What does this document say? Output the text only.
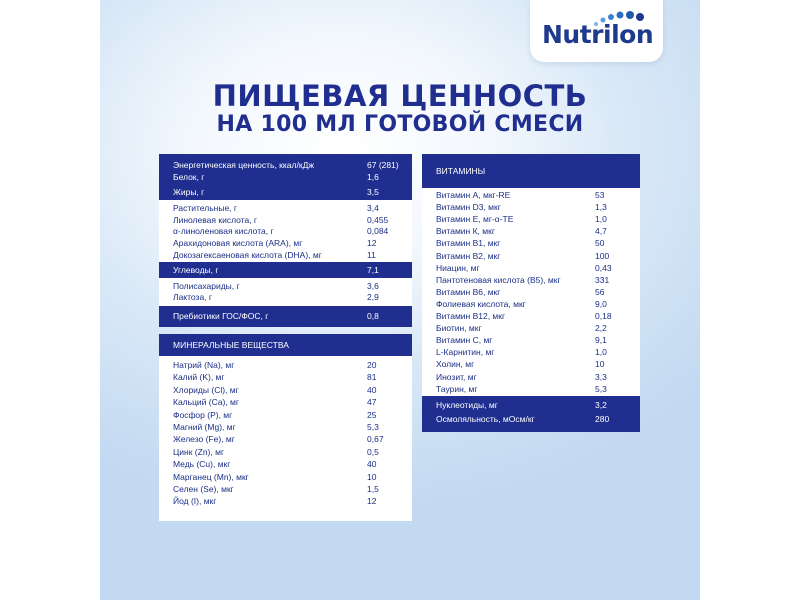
Nutrilon
ПИЩЕВАЯ ЦЕННОСТЬ
НА 100 МЛ ГОТОВОЙ СМЕСИ
Энергетическая ценность, ккал/кДж	67 (281)
Белок, г	1,6
Жиры, г	3,5
Растительные, г	3,4
Линолевая кислота, г	0,455
α-линоленовая кислота, г	0,084
Арахидоновая кислота (ARA), мг	12
Докозагексаеновая кислота (DHA), мг	11
Углеводы, г	7,1
Полисахариды, г	3,6
Лактоза, г	2,9
Пребиотики ГОС/ФОС, г	0,8
МИНЕРАЛЬНЫЕ ВЕЩЕСТВА
Натрий (Na), мг	20
Калий (K), мг	81
Хлориды (Cl), мг	40
Кальций (Ca), мг	47
Фосфор (P), мг	25
Магний (Mg), мг	5,3
Железо (Fe), мг	0,67
Цинк (Zn), мг	0,5
Медь (Cu), мкг	40
Марганец (Mn), мкг	10
Селен (Se), мкг	1,5
Йод (I), мкг	12
ВИТАМИНЫ
Витамин А, мкг-RE	53
Витамин D3, мкг	1,3
Витамин Е, мг-α-ТЕ	1,0
Витамин К, мкг	4,7
Витамин В1, мкг	50
Витамин В2, мкг	100
Ниацин, мг	0,43
Пантотеновая кислота (В5), мкг	331
Витамин В6, мкг	56
Фолиевая кислота, мкг	9,0
Витамин В12, мкг	0,18
Биотин, мкг	2,2
Витамин С, мг	9,1
L-Карнитин, мг	1,0
Холин, мг	10
Инозит, мг	3,3
Таурин, мг	5,3
Нуклеотиды, мг	3,2
Осмоляльность, мОсм/кг	280
